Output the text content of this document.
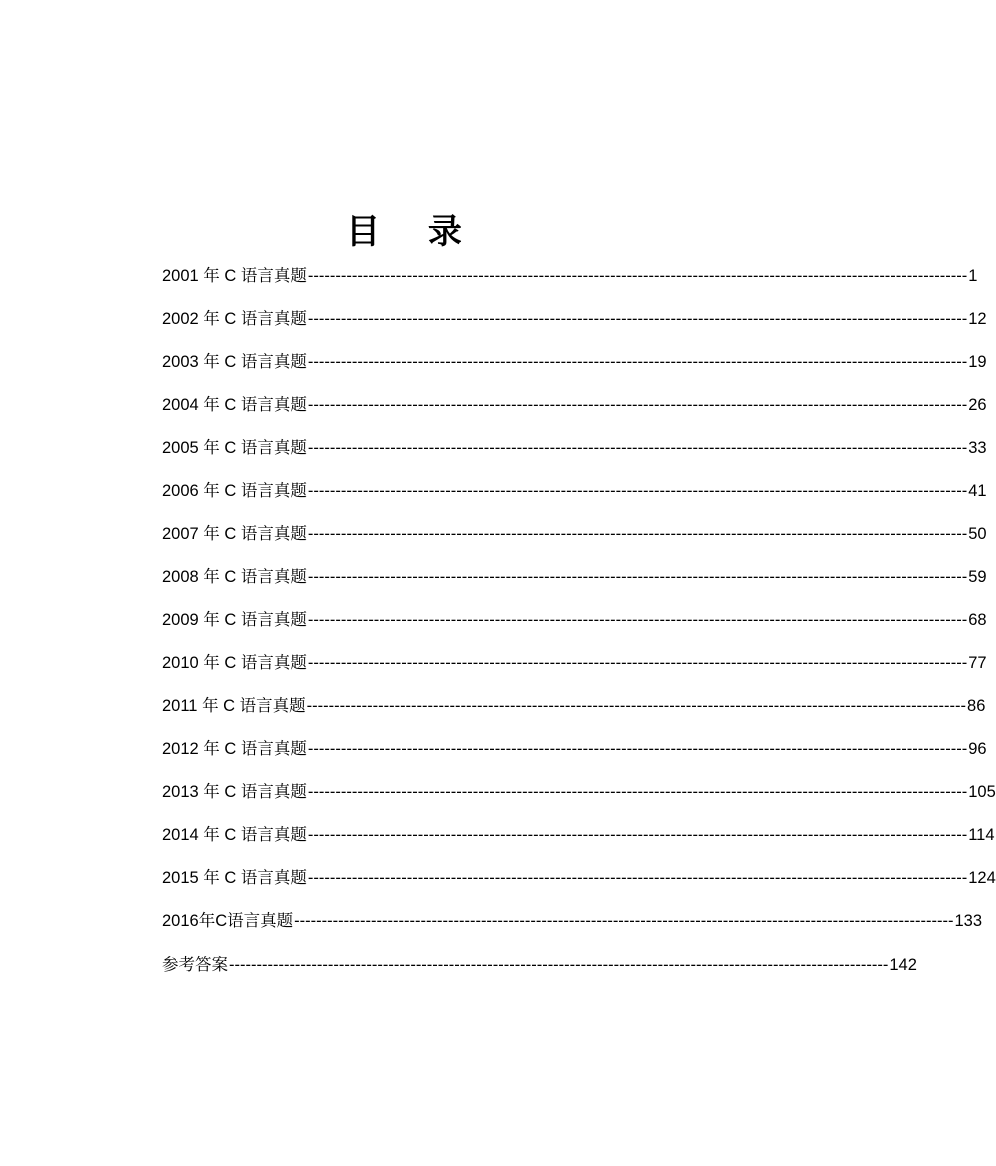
目 录
2001 年 C 语言真题 ------------------------------------------------------------------------------------------------------------------------ 1
2002 年 C 语言真题 ------------------------------------------------------------------------------------------------------------------------ 12
2003 年 C 语言真题 ------------------------------------------------------------------------------------------------------------------------ 19
2004 年 C 语言真题 ------------------------------------------------------------------------------------------------------------------------ 26
2005 年 C 语言真题 ------------------------------------------------------------------------------------------------------------------------ 33
2006 年 C 语言真题 ------------------------------------------------------------------------------------------------------------------------ 41
2007 年 C 语言真题 ------------------------------------------------------------------------------------------------------------------------ 50
2008 年 C 语言真题 ------------------------------------------------------------------------------------------------------------------------ 59
2009 年 C 语言真题 ------------------------------------------------------------------------------------------------------------------------ 68
2010 年 C 语言真题 ------------------------------------------------------------------------------------------------------------------------ 77
2011 年 C 语言真题 ------------------------------------------------------------------------------------------------------------------------ 86
2012 年 C 语言真题 ------------------------------------------------------------------------------------------------------------------------ 96
2013 年 C 语言真题 ------------------------------------------------------------------------------------------------------------------------ 105
2014 年 C 语言真题 ------------------------------------------------------------------------------------------------------------------------ 114
2015 年 C 语言真题 ------------------------------------------------------------------------------------------------------------------------ 124
2016年C语言真题 ------------------------------------------------------------------------------------------------------------------------ 133
参考答案 ------------------------------------------------------------------------------------------------------------------------ 142
